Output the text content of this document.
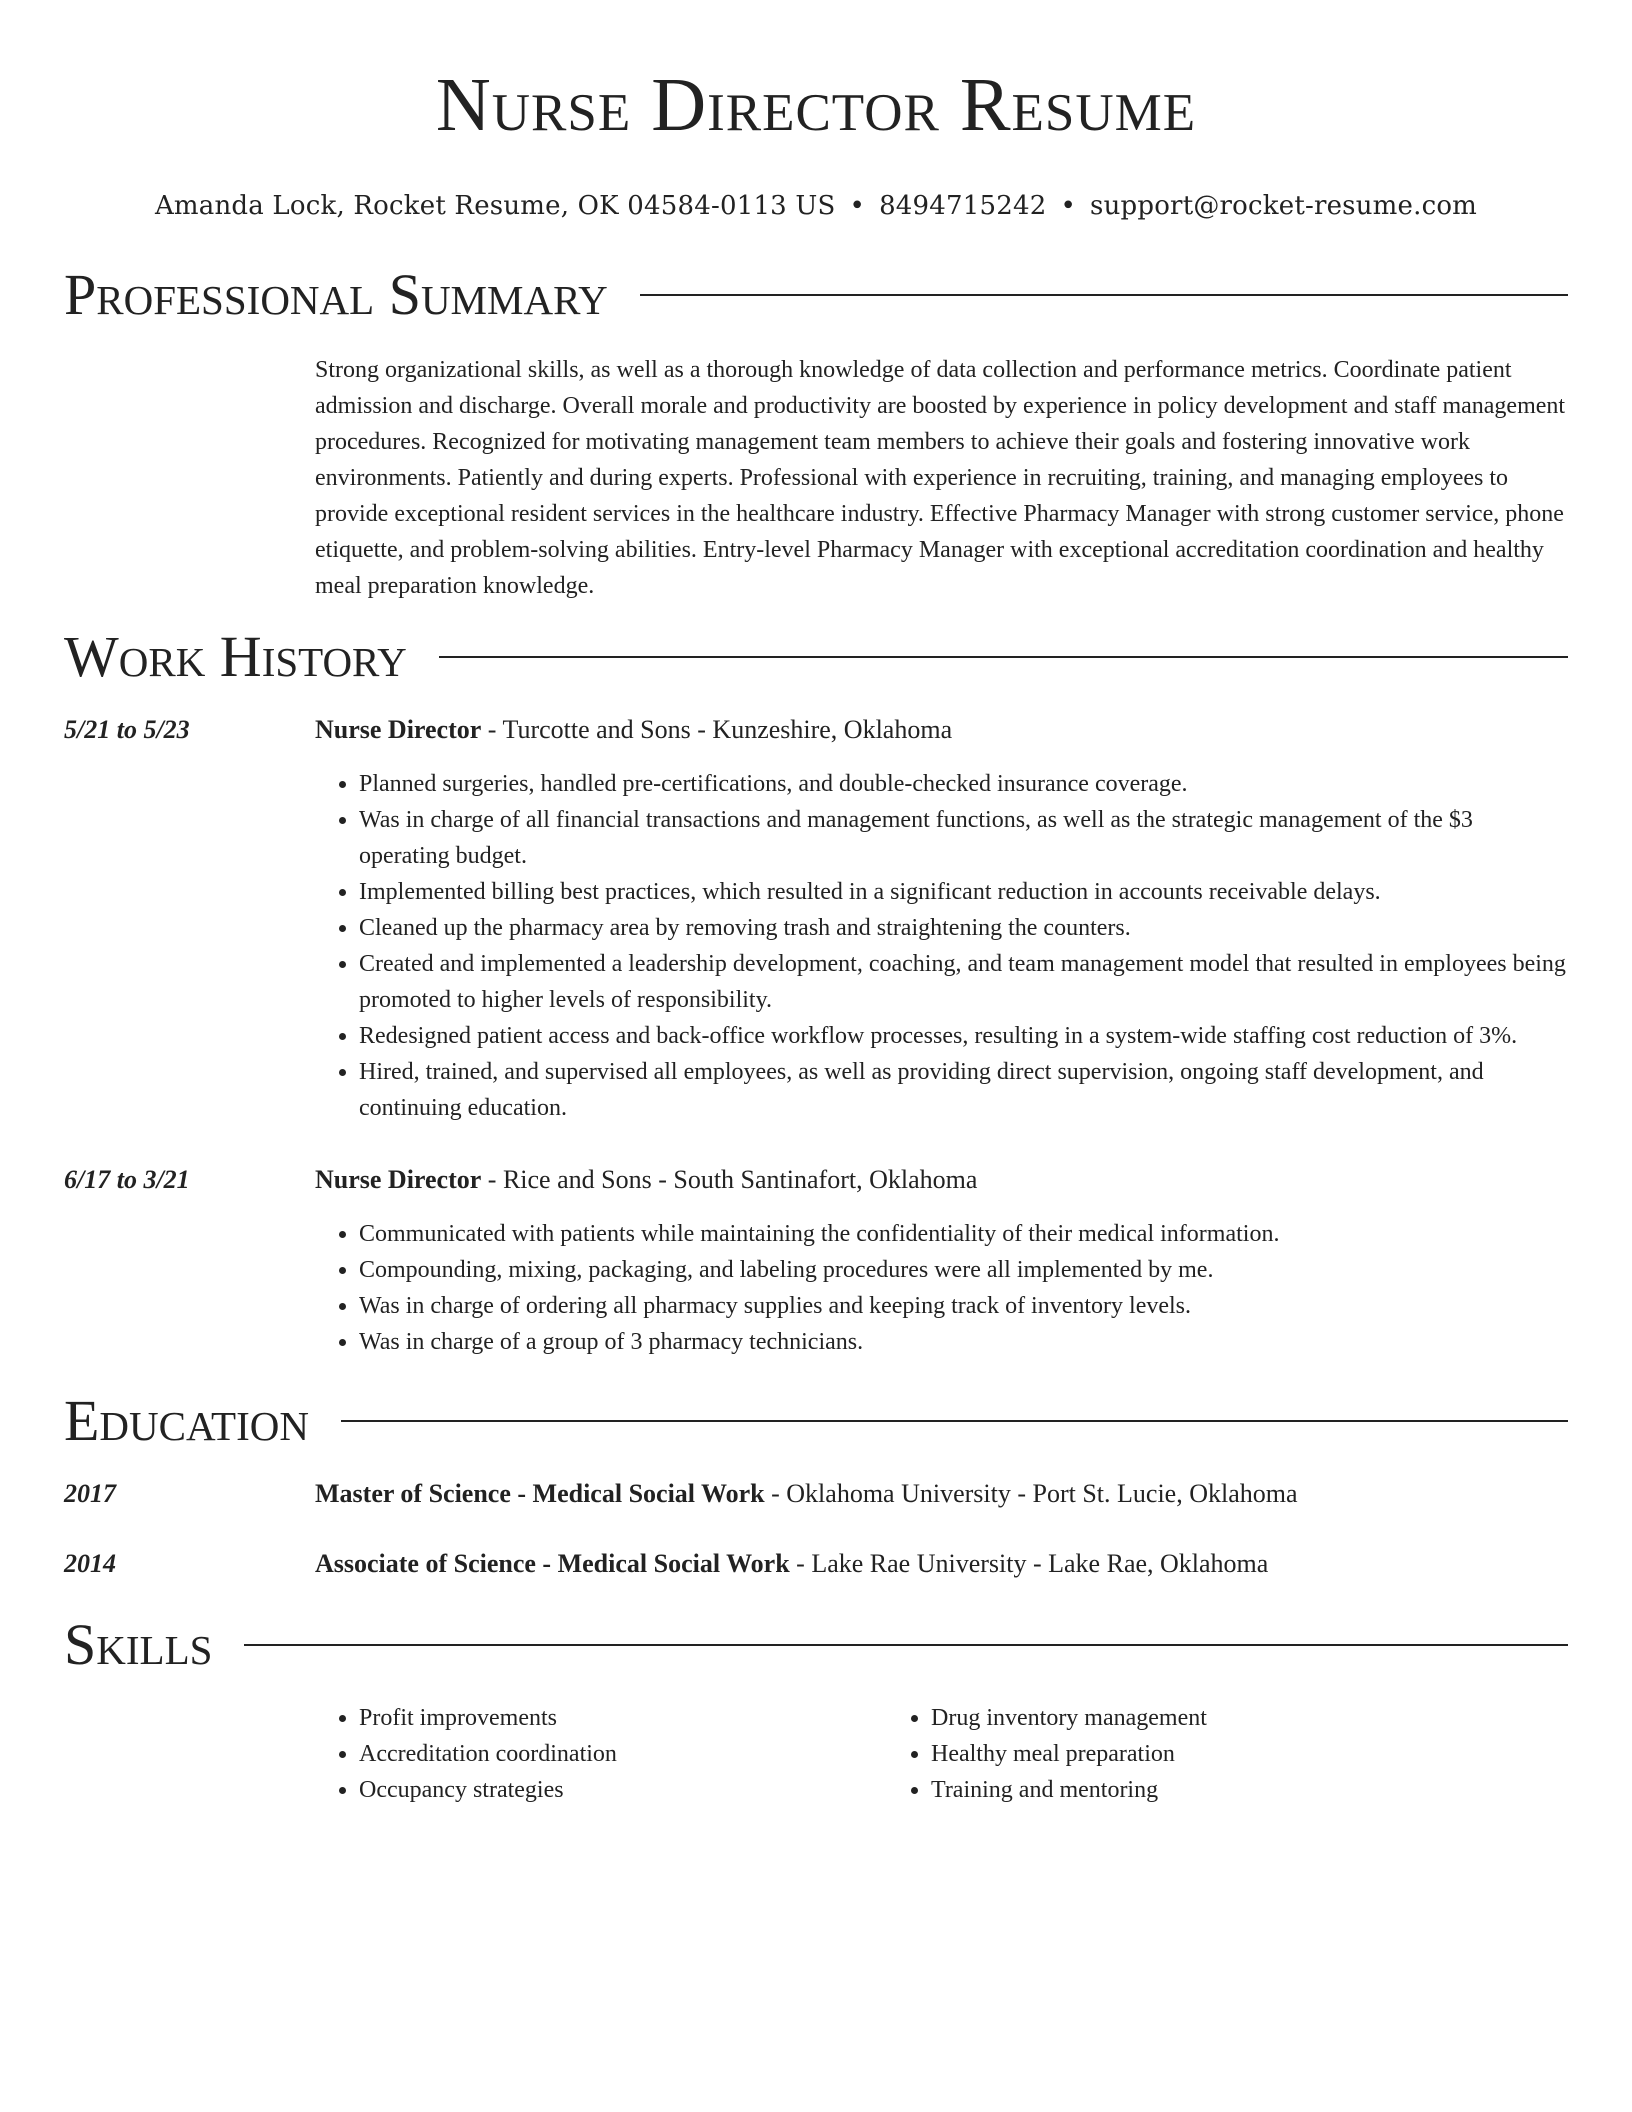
Nurse Director Resume

Amanda Lock, Rocket Resume, OK 04584-0113 US • 8494715242 • support@rocket-resume.com

Professional Summary

Strong organizational skills, as well as a thorough knowledge of data collection and performance metrics. Coordinate patient admission and discharge. Overall morale and productivity are boosted by experience in policy development and staff management procedures. Recognized for motivating management team members to achieve their goals and fostering innovative work environments. Patiently and during experts. Professional with experience in recruiting, training, and managing employees to provide exceptional resident services in the healthcare industry. Effective Pharmacy Manager with strong customer service, phone etiquette, and problem-solving abilities. Entry-level Pharmacy Manager with exceptional accreditation coordination and healthy meal preparation knowledge.

Work History
5/21 to 5/23	Nurse Director - Turcotte and Sons - Kunzeshire, Oklahoma
• Planned surgeries, handled pre-certifications, and double-checked insurance coverage.
• Was in charge of all financial transactions and management functions, as well as the strategic management of the $3 operating budget.
• Implemented billing best practices, which resulted in a significant reduction in accounts receivable delays.
• Cleaned up the pharmacy area by removing trash and straightening the counters.
• Created and implemented a leadership development, coaching, and team management model that resulted in employees being promoted to higher levels of responsibility.
• Redesigned patient access and back-office workflow processes, resulting in a system-wide staffing cost reduction of 3%.
• Hired, trained, and supervised all employees, as well as providing direct supervision, ongoing staff development, and continuing education.
6/17 to 3/21	Nurse Director - Rice and Sons - South Santinafort, Oklahoma
• Communicated with patients while maintaining the confidentiality of their medical information.
• Compounding, mixing, packaging, and labeling procedures were all implemented by me.
• Was in charge of ordering all pharmacy supplies and keeping track of inventory levels.
• Was in charge of a group of 3 pharmacy technicians.
Education
2017	Master of Science - Medical Social Work - Oklahoma University - Port St. Lucie, Oklahoma
2014	Associate of Science - Medical Social Work - Lake Rae University - Lake Rae, Oklahoma
Skills
• Profit improvements
• Accreditation coordination
• Occupancy strategies
• Drug inventory management
• Healthy meal preparation
• Training and mentoring
